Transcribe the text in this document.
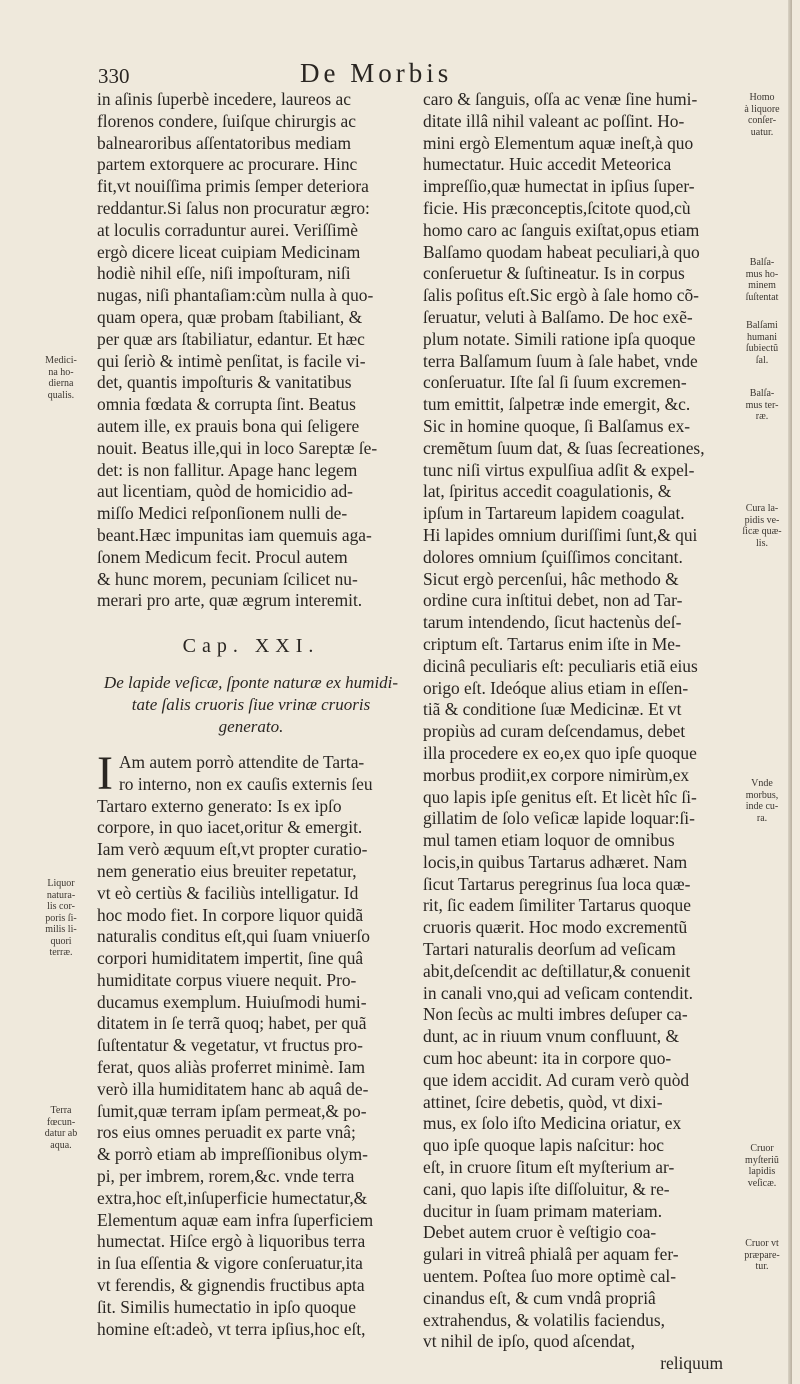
330	De Morbis
in aſinis ſuperbè incedere, laureos ac
florenos condere, ſuiſque chirurgis ac
balnearoribus aſſentatoribus mediam
partem extorquere ac procurare. Hinc
fit,vt nouiſſima primis ſemper deteriora
reddantur.Si ſalus non procuratur ægro:
at loculis corraduntur aurei. Veriſſimè
ergò dicere liceat cuipiam Medicinam
hodiè nihil eſſe, niſi impoſturam, niſi
nugas, niſi phantaſiam:cùm nulla à quo-
quam opera, quæ probam ſtabiliant, &
per quæ ars ſtabiliatur, edantur. Et hæc
qui ſeriò & intimè penſitat, is facile vi-
det, quantis impoſturis & vanitatibus
omnia fœdata & corrupta ſint. Beatus
autem ille, ex prauis bona qui ſeligere
nouit. Beatus ille,qui in loco Sareptæ ſe-
det: is non fallitur. Apage hanc legem
aut licentiam, quòd de homicidio ad-
miſſo Medici reſponſionem nulli de-
beant.Hæc impunitas iam quemuis aga-
ſonem Medicum fecit. Procul autem
& hunc morem, pecuniam ſcilicet nu-
merari pro arte, quæ ægrum interemit.
Cap. XXI.
De lapide veſicæ, ſponte naturæ ex humidi-
tate ſalis cruoris ſiue vrinæ cruoris
generato.
I Am autem porrò attendite de Tarta-
ro interno, non ex cauſis externis ſeu
Tartaro externo generato: Is ex ipſo
corpore, in quo iacet,oritur & emergit.
Iam verò æquum eſt,vt propter curatio-
nem generatio eius breuiter repetatur,
vt eò certiùs & faciliùs intelligatur. Id
hoc modo fiet. In corpore liquor quidã
naturalis conditus eſt,qui ſuam vniuerſo
corpori humiditatem impertit, ſine quâ
humiditate corpus viuere nequit. Pro-
ducamus exemplum. Huiuſmodi humi-
ditatem in ſe terrã quoq; habet, per quã
ſuſtentatur & vegetatur, vt fructus pro-
ferat, quos aliàs proferret minimè. Iam
verò illa humiditatem hanc ab aquâ de-
ſumit,quæ terram ipſam permeat,& po-
ros eius omnes peruadit ex parte vnâ;
& porrò etiam ab impreſſionibus olym-
pi, per imbrem, rorem,&c. vnde terra
extra,hoc eſt,inſuperficie humectatur,&
Elementum aquæ eam infra ſuperficiem
humectat. Hiſce ergò à liquoribus terra
in ſua eſſentia & vigore conſeruatur,ita
vt ferendis, & gignendis fructibus apta
ſit. Similis humectatio in ipſo quoque
homine eſt:adeò, vt terra ipſius,hoc eſt,
caro & ſanguis, oſſa ac venæ ſine humi-
ditate illâ nihil valeant ac poſſint. Ho-
mini ergò Elementum aquæ ineſt,à quo
humectatur. Huic accedit Meteorica
impreſſio,quæ humectat in ipſius ſuper-
ficie. His præconceptis,ſcitote quod,cù
homo caro ac ſanguis exiſtat,opus etiam
Balſamo quodam habeat peculiari,à quo
conſeruetur & ſuſtineatur. Is in corpus
ſalis poſitus eſt.Sic ergò à ſale homo cõ-
ſeruatur, veluti à Balſamo. De hoc exẽ-
plum notate. Simili ratione ipſa quoque
terra Balſamum ſuum à ſale habet, vnde
conſeruatur. Iſte ſal ſi ſuum excremen-
tum emittit, ſalpetræ inde emergit, &c.
Sic in homine quoque, ſi Balſamus ex-
cremẽtum ſuum dat, & ſuas ſecreationes,
tunc niſi virtus expulſiua adſit & expel-
lat, ſpiritus accedit coagulationis, &
ipſum in Tartareum lapidem coagulat.
Hi lapides omnium duriſſimi ſunt,& qui
dolores omnium ſçuiſſimos concitant.
Sicut ergò percenſui, hâc methodo &
ordine cura inſtitui debet, non ad Tar-
tarum intendendo, ſicut hactenùs deſ-
criptum eſt. Tartarus enim iſte in Me-
dicinâ peculiaris eſt: peculiaris etiã eius
origo eſt. Ideóque alius etiam in eſſen-
tiã & conditione ſuæ Medicinæ. Et vt
propiùs ad curam deſcendamus, debet
illa procedere ex eo,ex quo ipſe quoque
morbus prodiit,ex corpore nimirùm,ex
quo lapis ipſe genitus eſt. Et licèt hîc ſi-
gillatim de ſolo veſicæ lapide loquar:ſi-
mul tamen etiam loquor de omnibus
locis,in quibus Tartarus adhæret. Nam
ſicut Tartarus peregrinus ſua loca quæ-
rit, ſic eadem ſimiliter Tartarus quoque
cruoris quærit. Hoc modo excrementũ
Tartari naturalis deorſum ad veſicam
abit,deſcendit ac deſtillatur,& conuenit
in canali vno,qui ad veſicam contendit.
Non ſecùs ac multi imbres deſuper ca-
dunt, ac in riuum vnum confluunt, &
cum hoc abeunt: ita in corpore quo-
que idem accidit. Ad curam verò quòd
attinet, ſcire debetis, quòd, vt dixi-
mus, ex ſolo iſto Medicina oriatur, ex
quo ipſe quoque lapis naſcitur: hoc
eſt, in cruore ſitum eſt myſterium ar-
cani, quo lapis iſte diſſoluitur, & re-
ducitur in ſuam primam materiam.
Debet autem cruor è veſtigio coa-
gulari in vitreâ phialâ per aquam fer-
uentem. Poſtea ſuo more optimè cal-
cinandus eſt, & cum vndâ propriâ
extrahendus, & volatilis faciendus,
vt nihil de ipſo, quod aſcendat,
reliquum
Medici-
na ho-
dierna
qualis.
Liquor
natura-
lis cor-
poris ſi-
milis li-
quori
terræ.
Terra
fœcun-
datur ab
aqua.
Homo
à liquore
conſer-
uatur.
Balſa-
mus ho-
minem
ſuſtentat
Balſami
humani
ſubiectũ
ſal.
Balſa-
mus ter-
ræ.
Cura la-
pidis ve-
ſicæ quæ-
lis.
Vnde
morbus,
inde cu-
ra.
Cruor
myſteriũ
lapidis
veſicæ.
Cruor vt
præpare-
tur.
